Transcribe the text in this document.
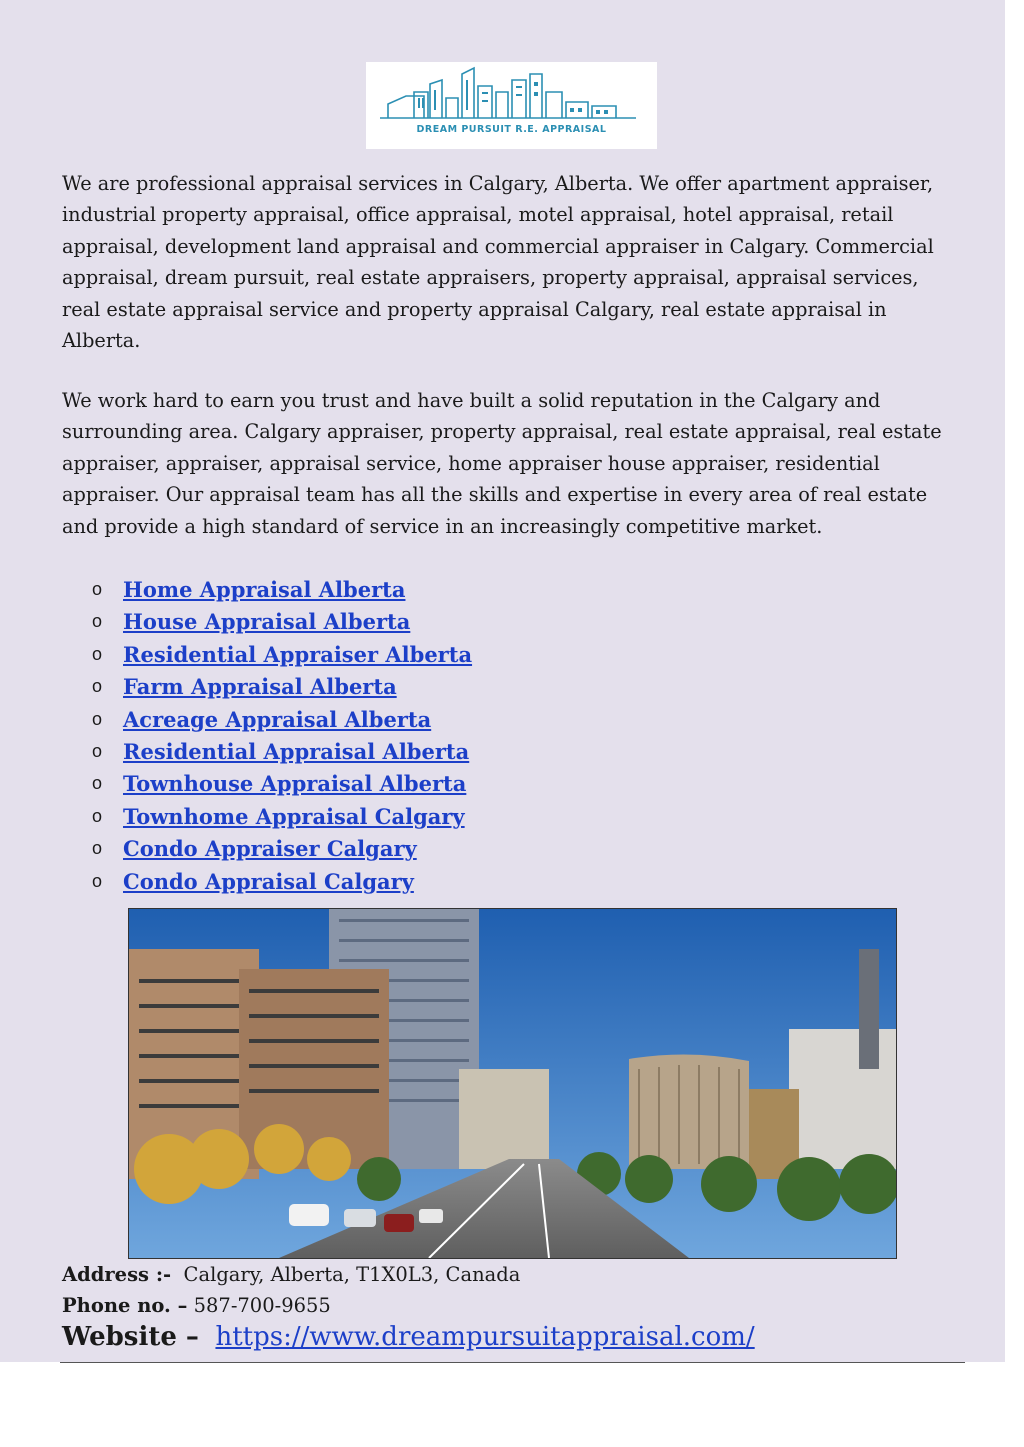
DREAM PURSUIT R.E. APPRAISAL
We are professional appraisal services in Calgary, Alberta. We offer apartment appraiser, industrial property appraisal, office appraisal, motel appraisal, hotel appraisal, retail appraisal, development land appraisal and commercial appraiser in Calgary. Commercial appraisal, dream pursuit, real estate appraisers, property appraisal, appraisal services, real estate appraisal service and property appraisal Calgary, real estate appraisal in Alberta.
We work hard to earn you trust and have built a solid reputation in the Calgary and surrounding area. Calgary appraiser, property appraisal, real estate appraisal, real estate appraiser, appraiser, appraisal service, home appraiser house appraiser, residential appraiser. Our appraisal team has all the skills and expertise in every area of real estate and provide a high standard of service in an increasingly competitive market.
o Home Appraisal Alberta
o House Appraisal Alberta
o Residential Appraiser Alberta
o Farm Appraisal Alberta
o Acreage Appraisal Alberta
o Residential Appraisal Alberta
o Townhouse Appraisal Alberta
o Townhome Appraisal Calgary
o Condo Appraiser Calgary
o Condo Appraisal Calgary
Address :- Calgary, Alberta, T1X0L3, Canada
Phone no. – 587-700-9655
Website – https://www.dreampursuitappraisal.com/
